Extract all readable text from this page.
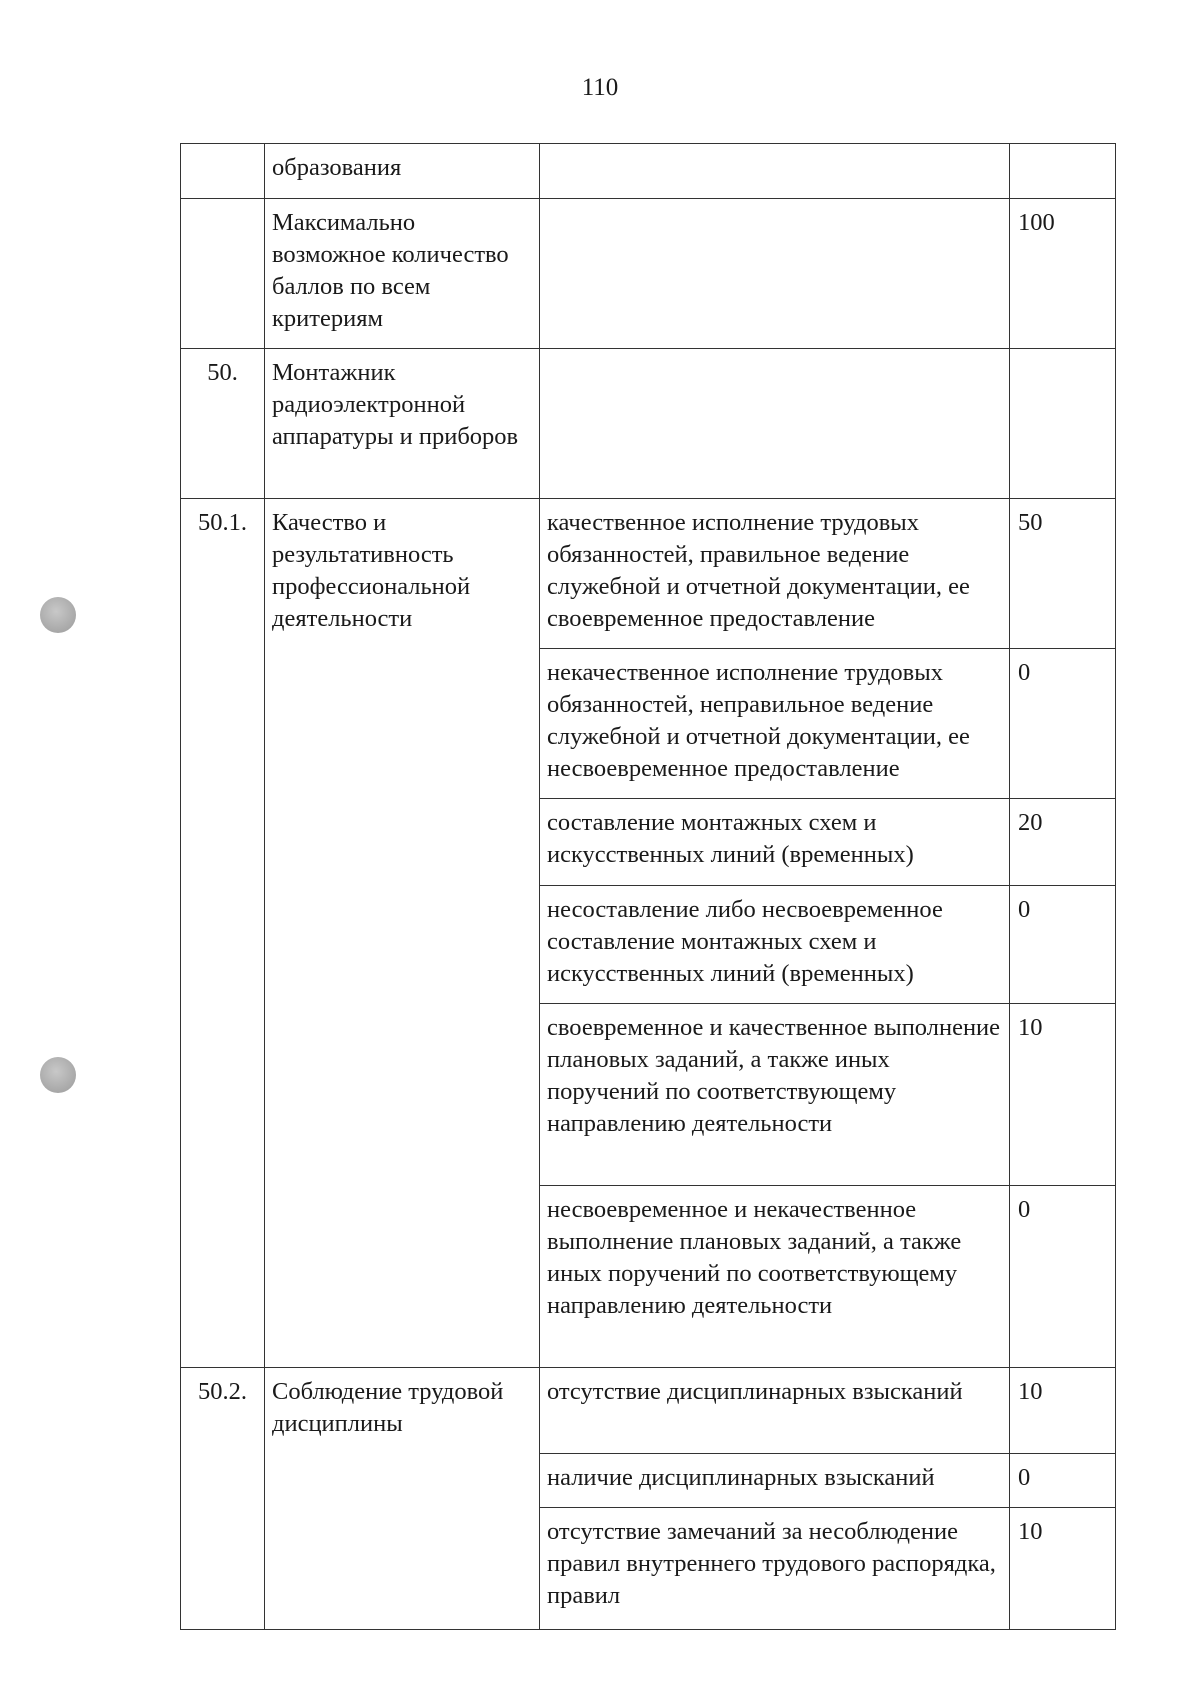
110
	образования		
	Максимально возможное количество баллов по всем критериям		100
50.	Монтажник радиоэлектронной аппаратуры и приборов		
50.1.	Качество и результативность профессиональной деятельности	качественное исполнение трудовых обязанностей, правильное ведение служебной и отчетной документации, ее своевременное предоставление	50
		некачественное исполнение трудовых обязанностей, неправильное ведение служебной и отчетной документации, ее несвоевременное предоставление	0
		составление монтажных схем и искусственных линий (временных)	20
		несоставление либо несвоевременное составление монтажных схем и искусственных линий (временных)	0
		своевременное и качественное выполнение плановых заданий, а также иных поручений по соответствующему направлению деятельности	10
		несвоевременное и некачественное выполнение плановых заданий, а также иных поручений по соответствующему направлению деятельности	0
50.2.	Соблюдение трудовой дисциплины	отсутствие дисциплинарных взысканий	10
		наличие дисциплинарных взысканий	0
		отсутствие замечаний за несоблюдение правил внутреннего трудового распорядка, правил	10
